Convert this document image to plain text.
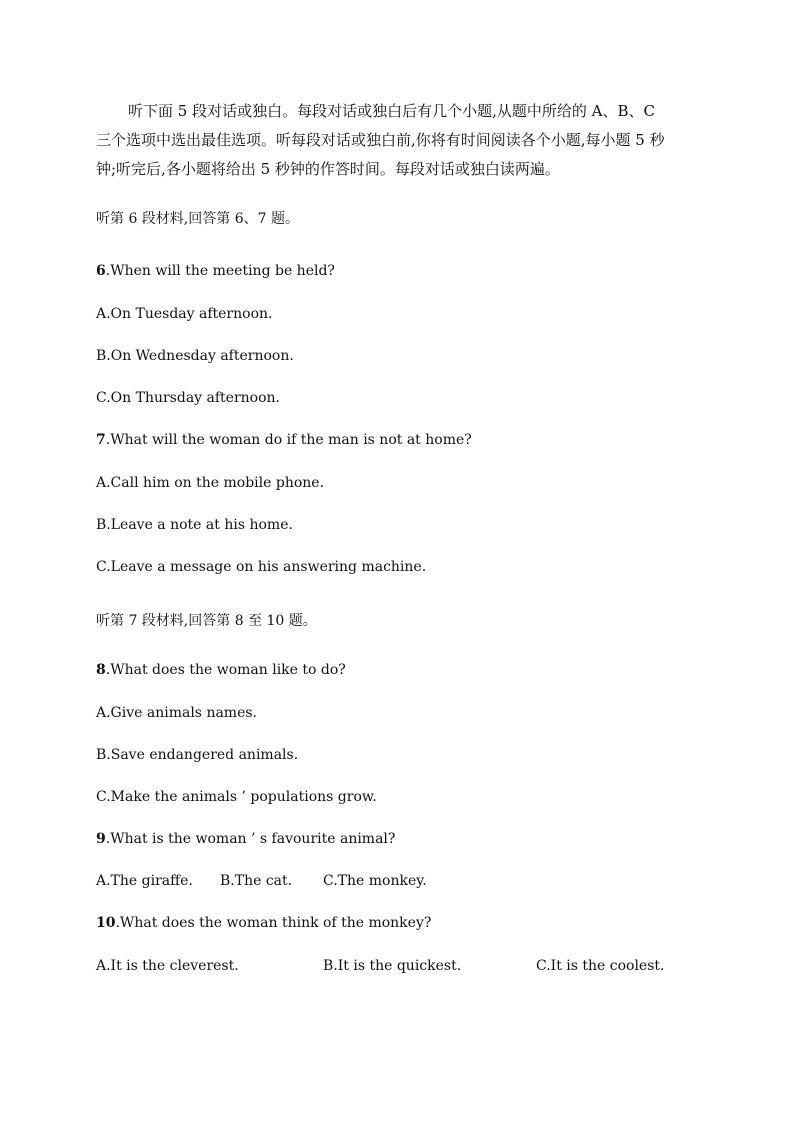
听下面 5 段对话或独白。每段对话或独白后有几个小题,从题中所给的 A、B、C
三个选项中选出最佳选项。听每段对话或独白前,你将有时间阅读各个小题,每小题 5 秒
钟;听完后,各小题将给出 5 秒钟的作答时间。每段对话或独白读两遍。
听第 6 段材料,回答第 6、7 题。
6.When will the meeting be held?
A.On Tuesday afternoon.
B.On Wednesday afternoon.
C.On Thursday afternoon.
7.What will the woman do if the man is not at home?
A.Call him on the mobile phone.
B.Leave a note at his home.
C.Leave a message on his answering machine.
听第 7 段材料,回答第 8 至 10 题。
8.What does the woman like to do?
A.Give animals names.
B.Save endangered animals.
C.Make the animals ’ populations grow.
9.What is the woman ’ s favourite animal?
A.The giraffe. B.The cat. C.The monkey.
10.What does the woman think of the monkey?
A.It is the cleverest.	B.It is the quickest.	C.It is the coolest.
